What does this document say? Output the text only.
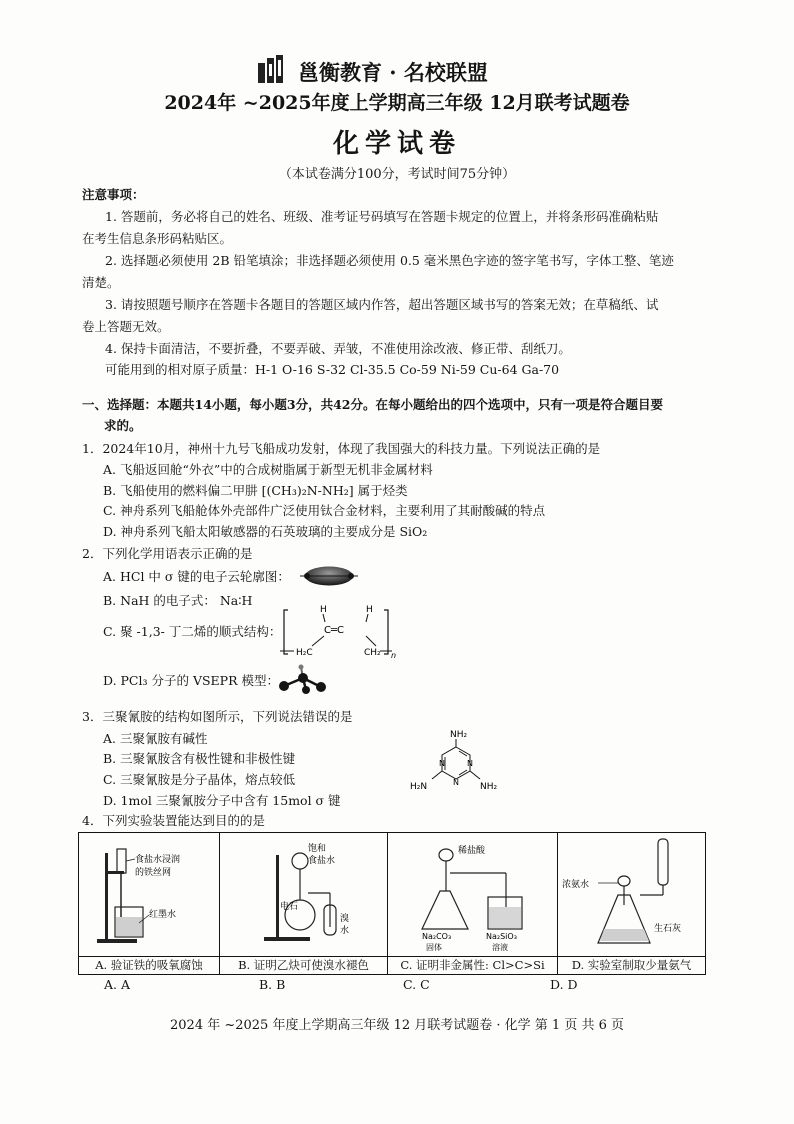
邕衡教育 · 名校联盟
2024年 ~2025年度上学期高三年级 12月联考试题卷
化学试卷
（本试卷满分100分，考试时间75分钟）
注意事项：
1. 答题前，务必将自己的姓名、班级、准考证号码填写在答题卡规定的位置上，并将条形码准确粘贴
在考生信息条形码粘贴区。
2. 选择题必须使用 2B 铅笔填涂；非选择题必须使用 0.5 毫米黑色字迹的签字笔书写，字体工整、笔迹
清楚。
3. 请按照题号顺序在答题卡各题目的答题区域内作答，超出答题区域书写的答案无效；在草稿纸、试
卷上答题无效。
4. 保持卡面清洁，不要折叠，不要弄破、弄皱，不准使用涂改液、修正带、刮纸刀。
可能用到的相对原子质量：H-1 O-16 S-32 Cl-35.5 Co-59 Ni-59 Cu-64 Ga-70
一、选择题：本题共14小题，每小题3分，共42分。在每小题给出的四个选项中，只有一项是符合题目要
求的。
1．2024年10月，神州十九号飞船成功发射，体现了我国强大的科技力量。下列说法正确的是
A. 飞船返回舱“外衣”中的合成树脂属于新型无机非金属材料
B. 飞船使用的燃料偏二甲肼 [(CH₃)₂N-NH₂] 属于烃类
C. 神舟系列飞船舱体外壳部件广泛使用钛合金材料，主要利用了其耐酸碱的特点
D. 神舟系列飞船太阳敏感器的石英玻璃的主要成分是 SiO₂
2．下列化学用语表示正确的是
A. HCl 中 σ 键的电子云轮廓图：
B. NaH 的电子式： Na∶H
C. 聚 -1,3- 丁二烯的顺式结构：
H	H
C═C
H₂C	CH₂ n
D. PCl₃ 分子的 VSEPR 模型：
3．三聚氰胺的结构如图所示，下列说法错误的是
A. 三聚氰胺有碱性
B. 三聚氰胺含有极性键和非极性键
C. 三聚氰胺是分子晶体，熔点较低
D. 1mol 三聚氰胺分子中含有 15mol σ 键
NH₂
N
N
N
H₂N	NH₂
4．下列实验装置能达到目的的是
食盐水浸润
的铁丝网
红墨水
A. 验证铁的吸氧腐蚀
饱和
食盐水
电石
溴
水
B. 证明乙炔可使溴水褪色
稀盐酸
Na₂CO₃
固体
Na₂SiO₃
溶液
C. 证明非金属性: Cl>C>Si
浓氨水
生石灰
D. 实验室制取少量氨气
A. A	B. B	C. C	D. D
2024 年 ~2025 年度上学期高三年级 12 月联考试题卷 · 化学 第 1 页 共 6 页
